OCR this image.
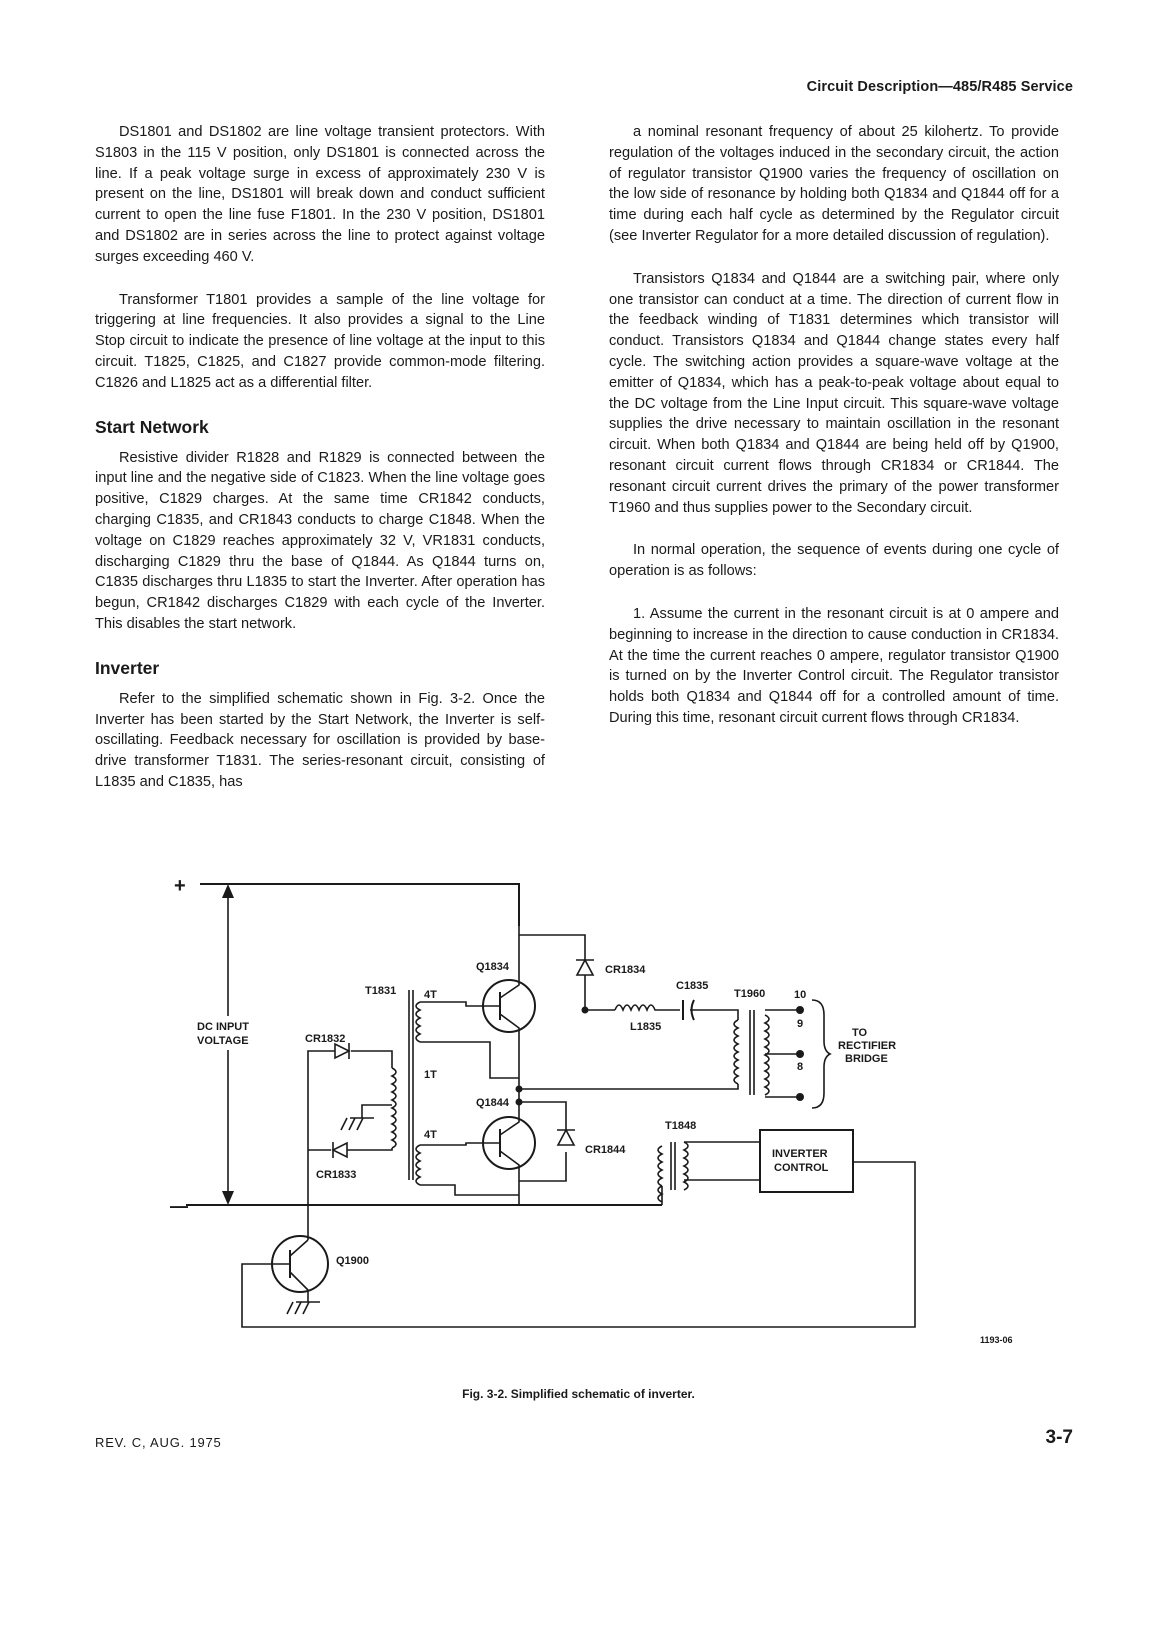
Circuit Description—485/R485 Service

DS1801 and DS1802 are line voltage transient protectors. With S1803 in the 115 V position, only DS1801 is connected across the line. If a peak voltage surge in excess of approximately 230 V is present on the line, DS1801 will break down and conduct sufficient current to open the line fuse F1801. In the 230 V position, DS1801 and DS1802 are in series across the line to protect against voltage surges exceeding 460 V.

Transformer T1801 provides a sample of the line voltage for triggering at line frequencies. It also provides a signal to the Line Stop circuit to indicate the presence of line voltage at the input to this circuit. T1825, C1825, and C1827 provide common-mode filtering. C1826 and L1825 act as a differential filter.

Start Network

Resistive divider R1828 and R1829 is connected between the input line and the negative side of C1823. When the line voltage goes positive, C1829 charges. At the same time CR1842 conducts, charging C1835, and CR1843 conducts to charge C1848. When the voltage on C1829 reaches approximately 32 V, VR1831 conducts, discharging C1829 thru the base of Q1844. As Q1844 turns on, C1835 discharges thru L1835 to start the Inverter. After operation has begun, CR1842 discharges C1829 with each cycle of the Inverter. This disables the start network.

Inverter

Refer to the simplified schematic shown in Fig. 3-2. Once the Inverter has been started by the Start Network, the Inverter is self-oscillating. Feedback necessary for oscillation is provided by base-drive transformer T1831. The series-resonant circuit, consisting of L1835 and C1835, has

a nominal resonant frequency of about 25 kilohertz. To provide regulation of the voltages induced in the secondary circuit, the action of regulator transistor Q1900 varies the frequency of oscillation on the low side of resonance by holding both Q1834 and Q1844 off for a time during each half cycle as determined by the Regulator circuit (see Inverter Regulator for a more detailed discussion of regulation).

Transistors Q1834 and Q1844 are a switching pair, where only one transistor can conduct at a time. The direction of current flow in the feedback winding of T1831 determines which transistor will conduct. Transistors Q1834 and Q1844 change states every half cycle. The switching action provides a square-wave voltage at the emitter of Q1834, which has a peak-to-peak voltage about equal to the DC voltage from the Line Input circuit. This square-wave voltage supplies the drive necessary to maintain oscillation in the resonant circuit. When both Q1834 and Q1844 are being held off by Q1900, resonant circuit current flows through CR1834 or CR1844. The resonant circuit current drives the primary of the power transformer T1960 and thus supplies power to the Secondary circuit.

In normal operation, the sequence of events during one cycle of operation is as follows:

1. Assume the current in the resonant circuit is at 0 ampere and beginning to increase in the direction to cause conduction in CR1834. At the time the current reaches 0 ampere, regulator transistor Q1900 is turned on by the Inverter Control circuit. The Regulator transistor holds both Q1834 and Q1844 off for a controlled amount of time. During this time, resonant circuit current flows through CR1834.

+
—
DC INPUT
VOLTAGE
T1831	4T
1T
4T
Q1834
Q1844
CR1834
L1835
C1835
T1960	10
9
8
TO
RECTIFIER
BRIDGE
CR1844
T1848
INVERTER
CONTROL
CR1832
CR1833
Q1900
1193-06
Fig. 3-2. Simplified schematic of inverter.
REV. C, AUG. 1975	3-7
